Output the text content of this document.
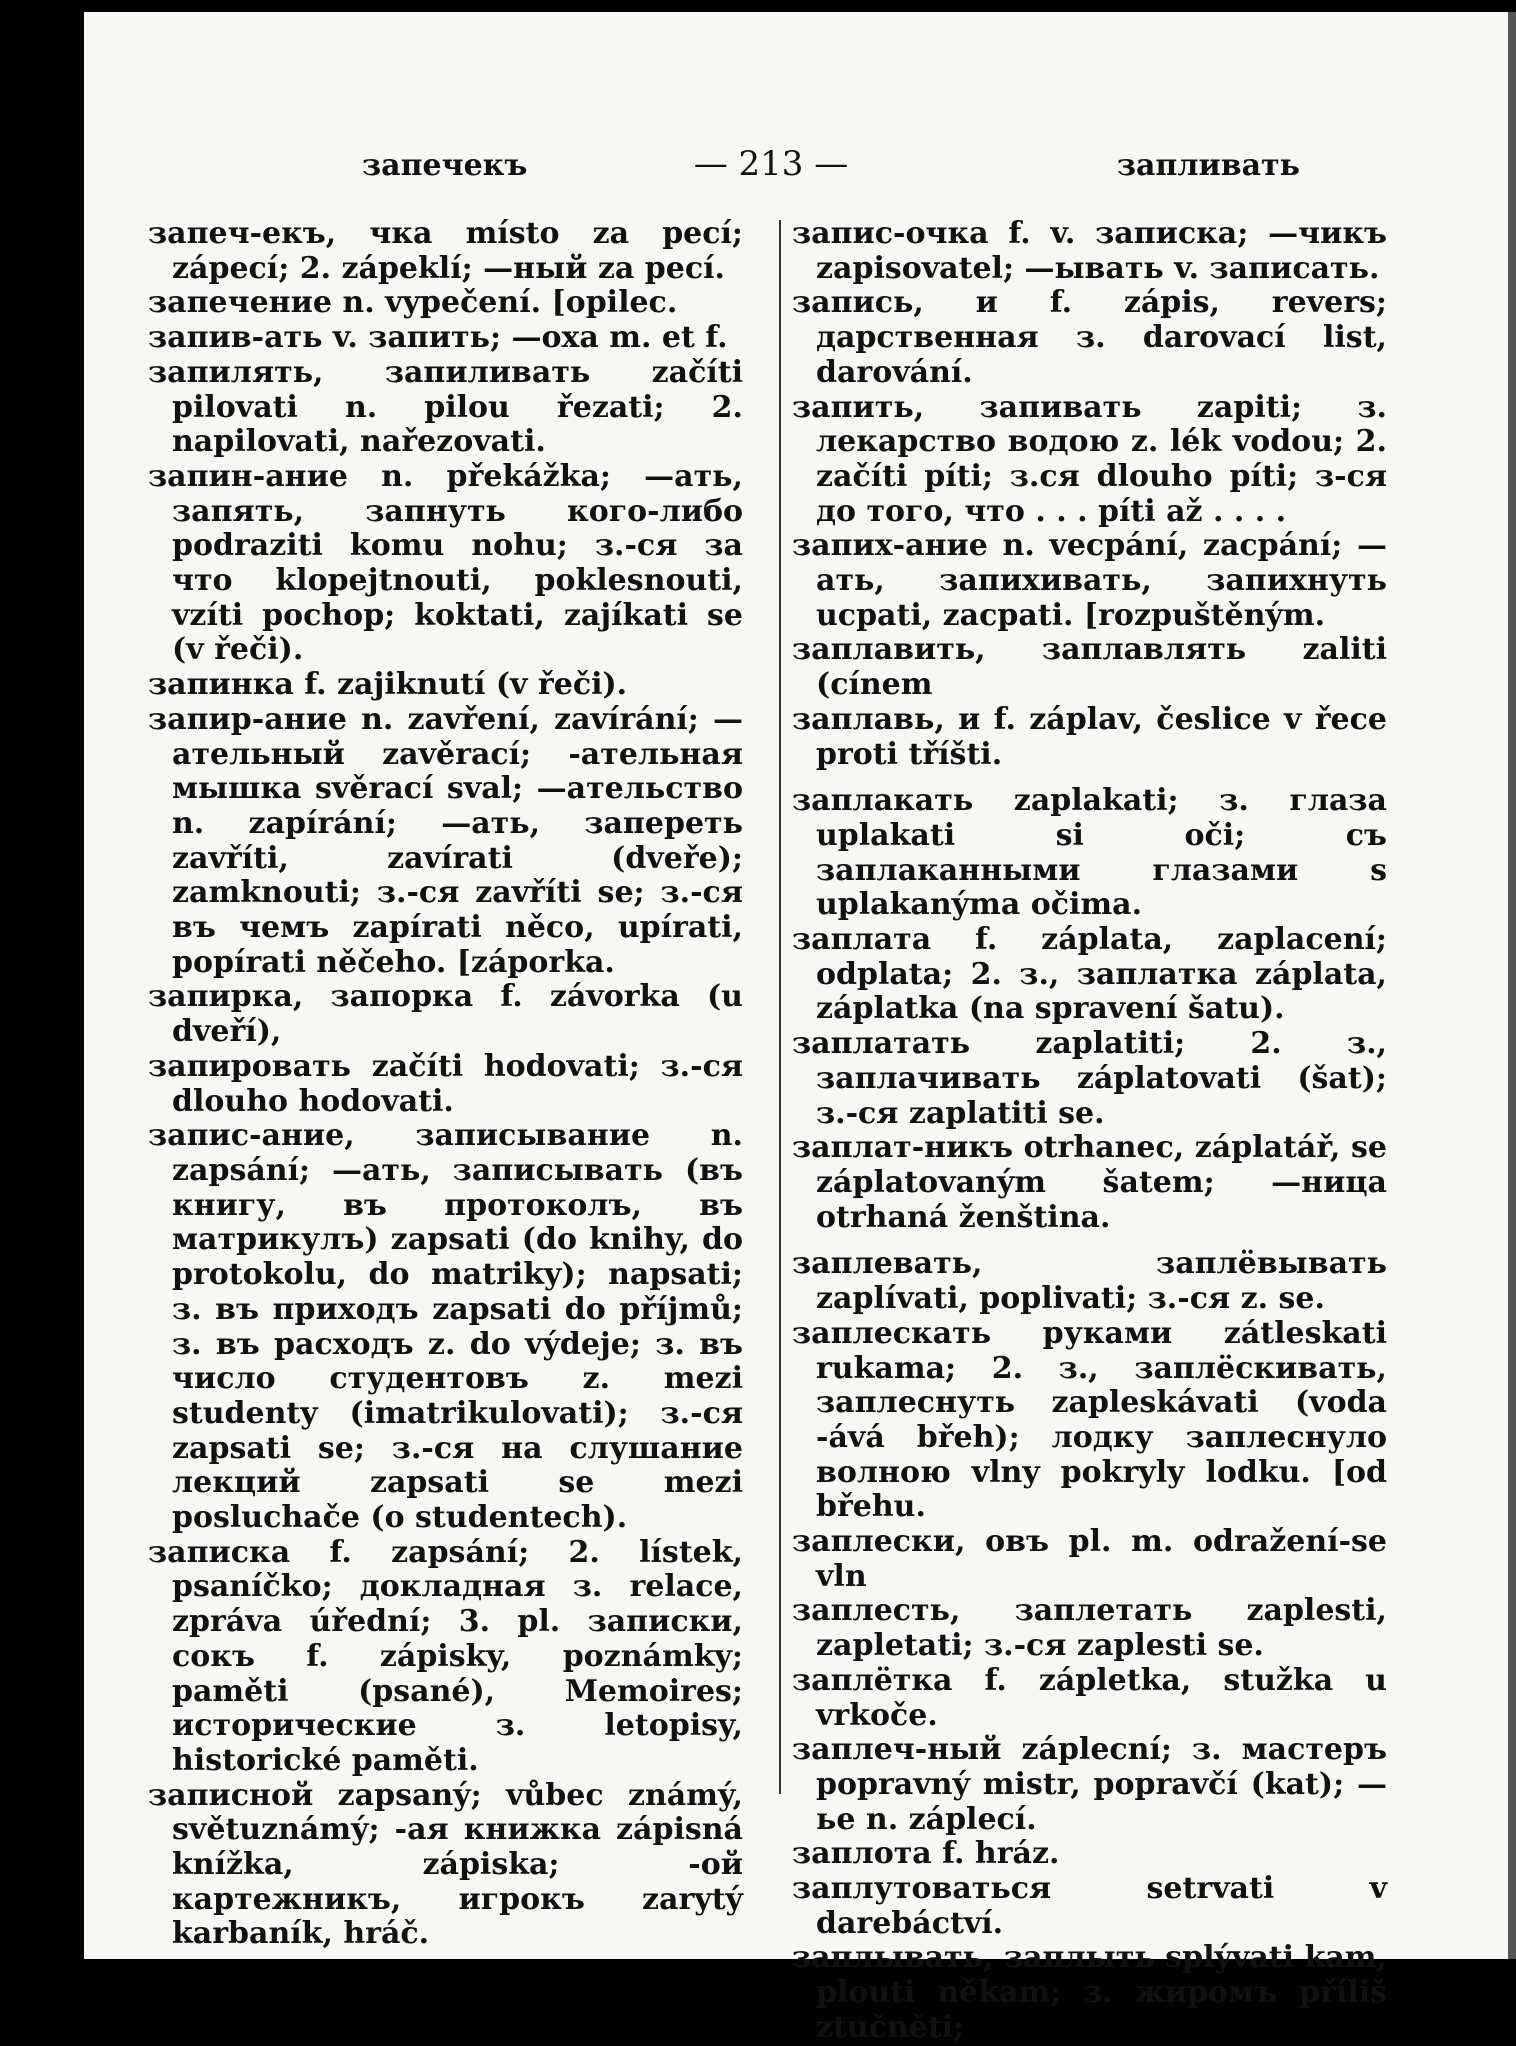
запечекъ	— 213 —	запливать

запеч-екъ, чка místo za pecí; zápecí; 2. zápeklí; —ный za pecí.

запечение n. vypečení. [opilec.

запив-ать v. запить; —оха m. et f.

запилять, запиливать začíti pilovati n. pilou řezati; 2. napilovati, nařezovati.

запин-ание n. překážka; —ать, запять, запнуть кого-либо podraziti komu nohu; з.-ся за что klopejtnouti, poklesnouti, vzíti pochop; koktati, zajíkati se (v řeči).

запинка f. zajiknutí (v řeči).

запир-ание n. zavření, zavírání; —ательный zavěrací; -ательная мышка svěrací sval; —ательство n. zapírání; —ать, запереть zavříti, zavírati (dveře); zamknouti; з.-ся zavříti se; з.-ся въ чемъ zapírati něco, upírati, popírati něčeho. [záporka.

запирка, запорка f. závorka (u dveří),

запировать začíti hodovati; з.-ся dlouho hodovati.

запис-ание, записывание n. zapsání; —ать, записывать (въ книгу, въ протоколъ, въ матрикулъ) zapsati (do knihy, do protokolu, do matriky); napsati; з. въ приходъ zapsati do příjmů; з. въ расходъ z. do výdeje; з. въ число студентовъ z. mezi studenty (imatrikulovati); з.-ся zapsati se; з.-ся на слушание лекций zapsati se mezi posluchače (o studentech).

записка f. zapsání; 2. lístek, psaníčko; докладная з. relace, zpráva úřední; 3. pl. записки, сокъ f. zápisky, poznámky; paměti (psané), Memoires; исторические з. letopisy, historické paměti.

записной zapsaný; vůbec známý, světuznámý; -ая книжка zápisná knížka, zápiska; -ой картежникъ, игрокъ zarytý karbaník, hráč.

запис-очка f. v. записка; —чикъ zapisovatel; —ывать v. записать.

запись, и f. zápis, revers; дарственная з. darovací list, darování.

запить, запивать zapiti; з. лекарство водою z. lék vodou; 2. začíti píti; з.ся dlouho píti; з-ся до того, что . . . píti až . . . .

запих-ание n. vecpání, zacpání; —ать, запихивать, запихнуть ucpati, zacpati. [rozpuštěným.

заплавить, заплавлять zaliti (cínem

заплавь, и f. záplav, česlice v řece proti tříšti.

заплакать zaplakati; з. глаза uplakati si oči; съ заплаканными глазами s uplakanýma očima.

заплата f. záplata, zaplacení; odplata; 2. з., заплатка záplata, záplatka (na spravení šatu).

заплатать zaplatiti; 2. з., заплачивать záplatovati (šat); з.-ся zaplatiti se.

заплат-никъ otrhanec, záplatář, se záplatovaným šatem; —ница otrhaná ženština.

заплевать, заплёвывать zaplívati, poplivati; з.-ся z. se.

заплескать руками zátleskati rukama; 2. з., заплёскивать, заплеснуть zapleskávati (voda -ává břeh); лодку заплеснуло волною vlny pokryly lodku. [od břehu.

заплески, овъ pl. m. odražení-se vln

заплесть, заплетать zaplesti, zapletati; з.-ся zaplesti se.

заплётка f. zápletka, stužka u vrkoče.

заплеч-ный záplecní; з. мастеръ popravný mistr, popravčí (kat); —ье n. záplecí.

заплота f. hráz.

заплутоваться setrvati v darebáctví.

заплывать, заплыть splývati kam, plouti někam; з. жиромъ příliš ztučněti;
